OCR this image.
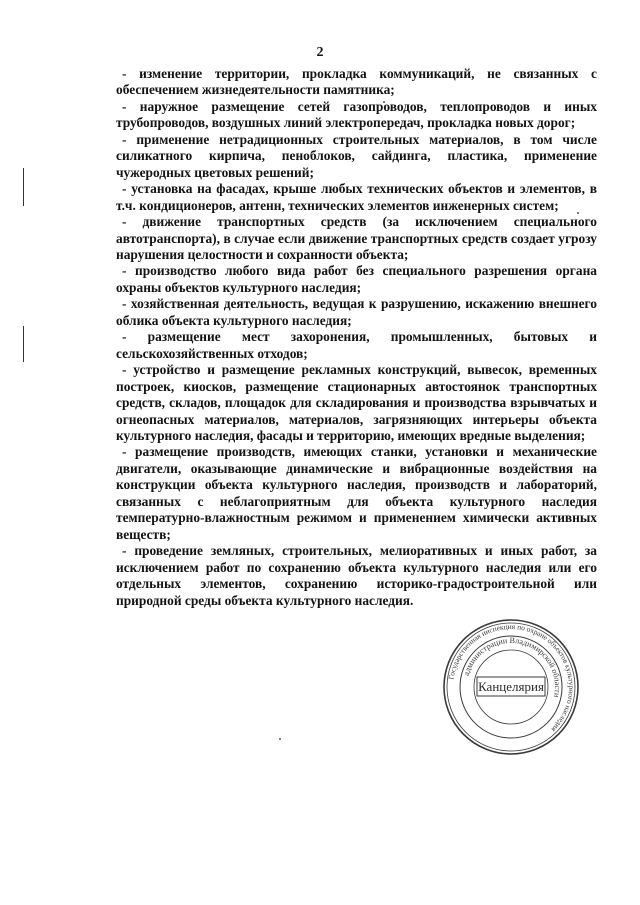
2

- изменение территории, прокладка коммуникаций, не связанных с обеспечением жизнедеятельности памятника;

- наружное размещение сетей газопроводов, теплопроводов и иных трубопроводов, воздушных линий электропередач, прокладка новых дорог;

- применение нетрадиционных строительных материалов, в том числе силикатного кирпича, пеноблоков, сайдинга, пластика, применение чужеродных цветовых решений;

- установка на фасадах, крыше любых технических объектов и элементов, в т.ч. кондиционеров, антенн, технических элементов инженерных систем;

- движение транспортных средств (за исключением специального автотранспорта), в случае если движение транспортных средств создает угрозу нарушения целостности и сохранности объекта;

- производство любого вида работ без специального разрешения органа охраны объектов культурного наследия;

- хозяйственная деятельность, ведущая к разрушению, искажению внешнего облика объекта культурного наследия;

- размещение мест захоронения, промышленных, бытовых и сельскохозяйственных отходов;

- устройство и размещение рекламных конструкций, вывесок, временных построек, киосков, размещение стационарных автостоянок транспортных средств, складов, площадок для складирования и производства взрывчатых и огнеопасных материалов, материалов, загрязняющих интерьеры объекта культурного наследия, фасады и территорию, имеющих вредные выделения;

- размещение производств, имеющих станки, установки и механические двигатели, оказывающие динамические и вибрационные воздействия на конструкции объекта культурного наследия, производств и лабораторий, связанных с неблагоприятным для объекта культурного наследия температурно-влажностным режимом и применением химически активных веществ;

- проведение земляных, строительных, мелиоративных и иных работ, за исключением работ по сохранению объекта культурного наследия или его отдельных элементов, сохранению историко-градостроительной или природной среды объекта культурного наследия.

Государственная инспекция по охране объектов культурного наследия
администрации Владимирской области
Канцелярия
